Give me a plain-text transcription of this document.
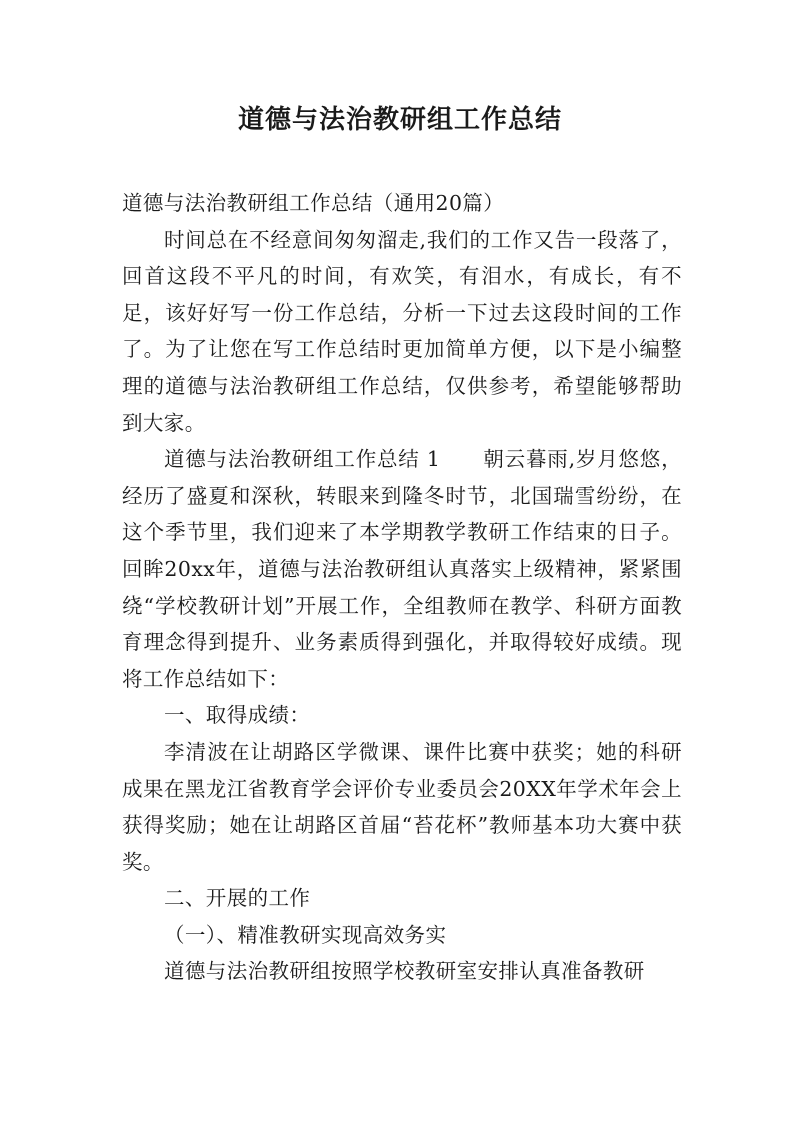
道德与法治教研组工作总结

道德与法治教研组工作总结（通用20篇）

时间总在不经意间匆匆溜走,我们的工作又告一段落了，回首这段不平凡的时间，有欢笑，有泪水，有成长，有不足，该好好写一份工作总结，分析一下过去这段时间的工作了。为了让您在写工作总结时更加简单方便，以下是小编整理的道德与法治教研组工作总结，仅供参考，希望能够帮助到大家。

道德与法治教研组工作总结 1　　朝云暮雨,岁月悠悠，经历了盛夏和深秋，转眼来到隆冬时节，北国瑞雪纷纷，在这个季节里，我们迎来了本学期教学教研工作结束的日子。回眸20xx年，道德与法治教研组认真落实上级精神，紧紧围绕“学校教研计划”开展工作，全组教师在教学、科研方面教育理念得到提升、业务素质得到强化，并取得较好成绩。现将工作总结如下：

一、取得成绩：

李清波在让胡路区学微课、课件比赛中获奖；她的科研成果在黑龙江省教育学会评价专业委员会20XX年学术年会上获得奖励；她在让胡路区首届“苔花杯”教师基本功大赛中获奖。

二、开展的工作

（一）、精准教研实现高效务实

道德与法治教研组按照学校教研室安排认真准备教研
